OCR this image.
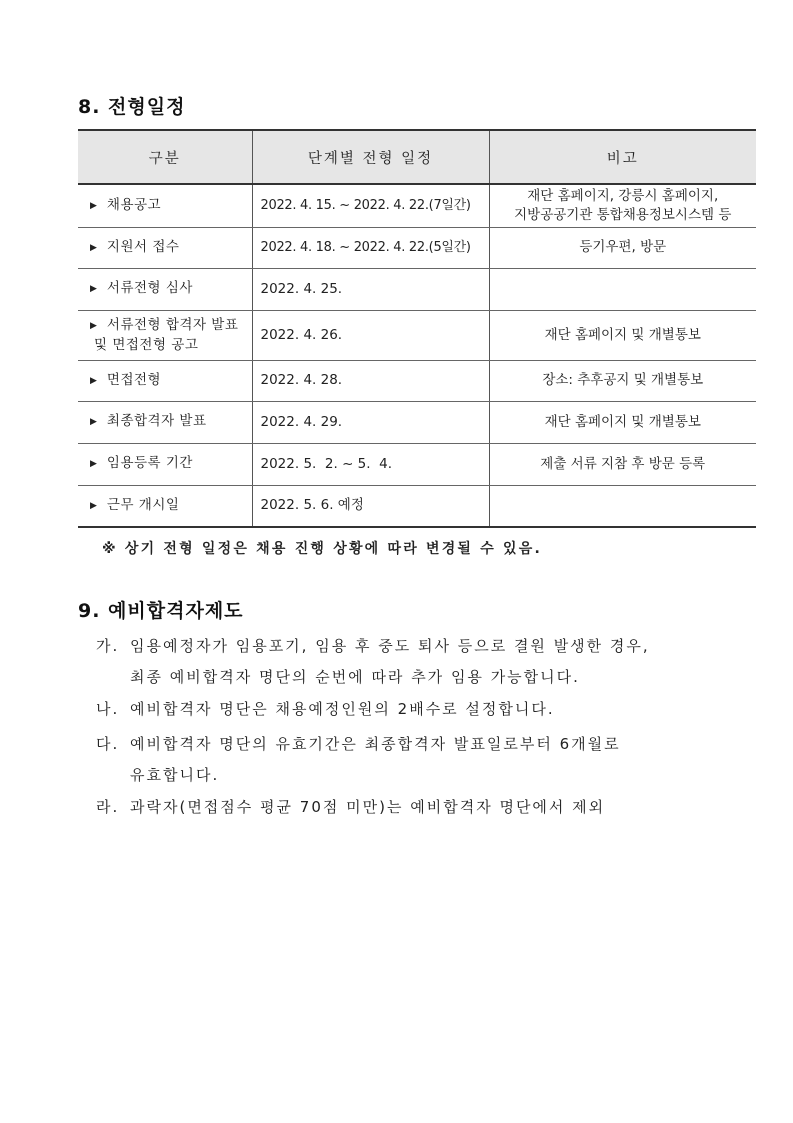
8. 전형일정
구분	단계별 전형 일정	비고
▶ 채용공고	2022. 4. 15. ~ 2022. 4. 22.(7일간)	재단 홈페이지, 강릉시 홈페이지,
지방공공기관 통합채용정보시스템 등

▶ 지원서 접수	2022. 4. 18. ~ 2022. 4. 22.(5일간)	등기우편, 방문
▶ 서류전형 심사	2022. 4. 25.	

▶ 서류전형 합격자 발표
및 면접전형 공고	2022. 4. 26.	재단 홈페이지 및 개별통보
▶ 면접전형	2022. 4. 28.	장소: 추후공지 및 개별통보
▶ 최종합격자 발표	2022. 4. 29.	재단 홈페이지 및 개별통보
▶ 임용등록 기간	2022. 5.  2. ~ 5.  4.	제출 서류 지참 후 방문 등록
▶ 근무 개시일	2022. 5. 6. 예정	
※ 상기 전형 일정은 채용 진행 상황에 따라 변경될 수 있음.
9. 예비합격자제도
가. 임용예정자가 임용포기, 임용 후 중도 퇴사 등으로 결원 발생한 경우,
최종 예비합격자 명단의 순번에 따라 추가 임용 가능합니다.
나. 예비합격자 명단은 채용예정인원의 2배수로 설정합니다.
다. 예비합격자 명단의 유효기간은 최종합격자 발표일로부터 6개월로
유효합니다.
라. 과락자(면접점수 평균 70점 미만)는 예비합격자 명단에서 제외
